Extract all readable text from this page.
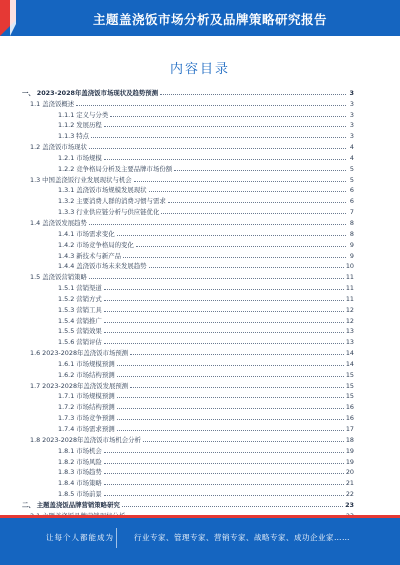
主题盖浇饭市场分析及品牌策略研究报告
内容目录
一、 2023-2028年盖浇饭市场现状及趋势预测	3
1.1 盖浇饭概述	3
1.1.1 定义与分类	3
1.1.2 发展历程	3
1.1.3 特点	3
1.2 盖浇饭市场现状	4
1.2.1 市场规模	4
1.2.2 竞争格局分析及主要品牌市场份额	5
1.3 中国盖浇饭行业发展现状与机会	5
1.3.1 盖浇饭市场规模发展现状	6
1.3.2 主要消费人群的消费习惯与需求	6
1.3.3 行业供应链分析与供应链优化	7
1.4 盖浇饭发展趋势	8
1.4.1 市场需求变化	8
1.4.2 市场竞争格局的变化	9
1.4.3 新技术与新产品	9
1.4.4 盖浇饭市场未来发展趋势	10
1.5 盖浇饭营销策略	11
1.5.1 营销渠道	11
1.5.2 营销方式	11
1.5.3 营销工具	12
1.5.4 营销推广	12
1.5.5 营销效果	13
1.5.6 营销评估	13
1.6 2023-2028年盖浇饭市场预测	14
1.6.1 市场规模预测	14
1.6.2 市场结构预测	15
1.7 2023-2028年盖浇饭发展预测	15
1.7.1 市场规模预测	15
1.7.2 市场结构预测	16
1.7.3 市场竞争预测	16
1.7.4 市场需求预测	17
1.8 2023-2028年盖浇饭市场机会分析	18
1.8.1 市场机会	19
1.8.2 市场风险	19
1.8.3 市场趋势	20
1.8.4 市场策略	21
1.8.5 市场前景	22
二、 主题盖浇饭品牌营销策略研究	23
让每个人都能成为	行业专家、管理专家、营销专家、战略专家、成功企业家……
